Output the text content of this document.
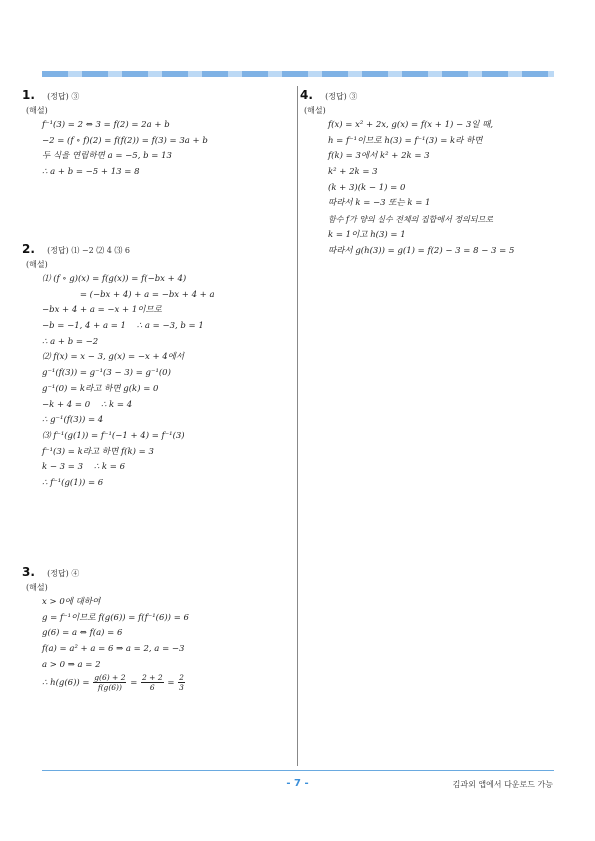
1. (정답) ③
(해설)
f⁻¹(3) = 2 ⇔ 3 = f(2) = 2a + b
−2 = (f ∘ f)(2) = f(f(2)) = f(3) = 3a + b
두 식을 연립하면 a = −5, b = 13
∴ a + b = −5 + 13 = 8
2. (정답) ⑴ −2 ⑵ 4 ⑶ 6
(해설)
⑴ (f ∘ g)(x) = f(g(x)) = f(−bx + 4)
= (−bx + 4) + a = −bx + 4 + a
−bx + 4 + a = −x + 1이므로
−b = −1, 4 + a = 1    ∴ a = −3, b = 1
∴ a + b = −2
⑵ f(x) = x − 3, g(x) = −x + 4에서
g⁻¹(f(3)) = g⁻¹(3 − 3) = g⁻¹(0)
g⁻¹(0) = k라고 하면 g(k) = 0
−k + 4 = 0    ∴ k = 4
∴ g⁻¹(f(3)) = 4
⑶ f⁻¹(g(1)) = f⁻¹(−1 + 4) = f⁻¹(3)
f⁻¹(3) = k라고 하면 f(k) = 3
k − 3 = 3    ∴ k = 6
∴ f⁻¹(g(1)) = 6
3. (정답) ④
(해설)
x > 0에 대하여
g = f⁻¹이므로 f(g(6)) = f(f⁻¹(6)) = 6
g(6) = a ⇔ f(a) = 6
f(a) = a² + a = 6 ⇒ a = 2, a = −3
a > 0 ⇒ a = 2
∴ $h(g(6)) = \frac{g(6) + 2}{f(g(6))} = \frac{2 + 2}{6} = \frac{2}{3}$
4. (정답) ③
(해설)
f(x) = x² + 2x, g(x) = f(x + 1) − 3일 때,
h = f⁻¹이므로 h(3) = f⁻¹(3) = k라 하면
f(k) = 3에서 k² + 2k = 3
k² + 2k = 3
(k + 3)(k − 1) = 0
따라서 k = −3 또는 k = 1
함수 f가 양의 실수 전체의 집합에서 정의되므로
k = 1이고 h(3) = 1
따라서 g(h(3)) = g(1) = f(2) − 3 = 8 − 3 = 5
- 7 -	김과외 앱에서 다운로드 가능
